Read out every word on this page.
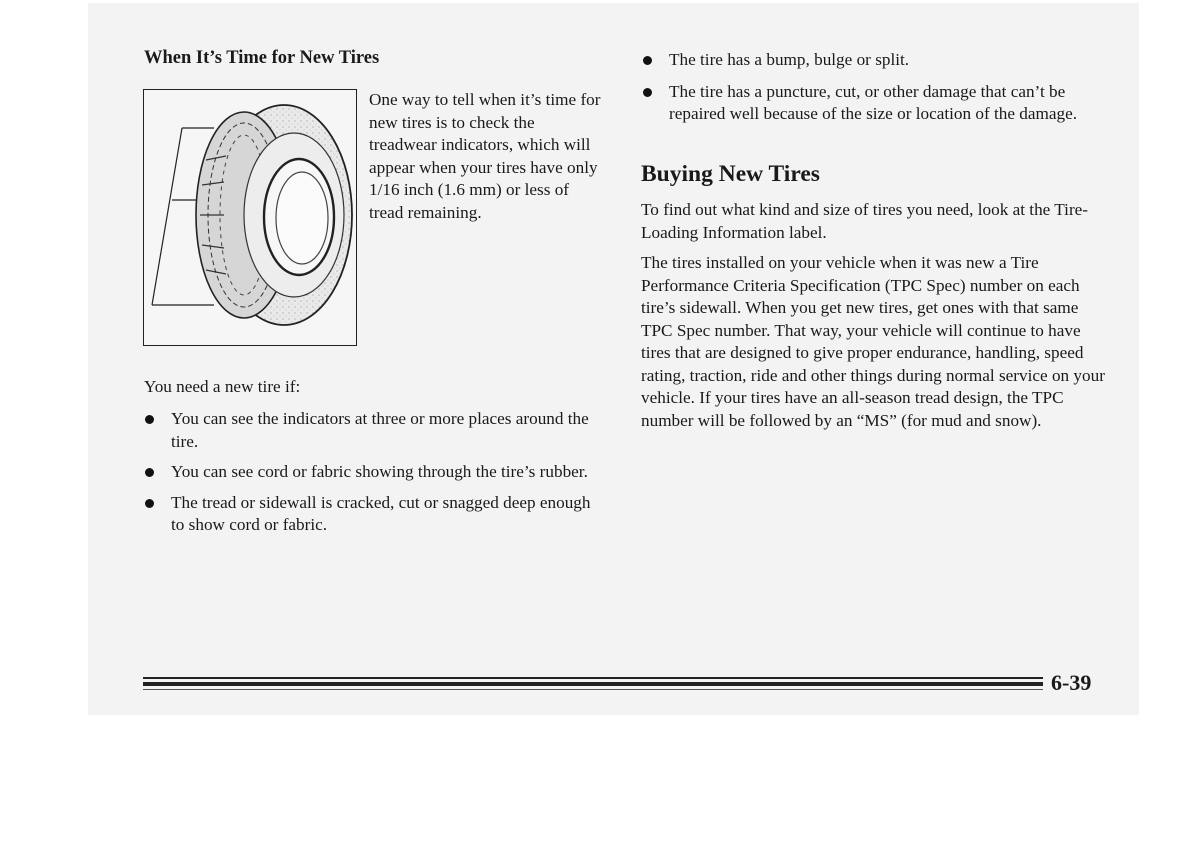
When It’s Time for New Tires
One way to tell when it’s time for new tires is to check the treadwear indicators, which will appear when your tires have only 1/16 inch (1.6 mm) or less of tread remaining.
You need a new tire if:
You can see the indicators at three or more places around the tire.
You can see cord or fabric showing through the tire’s rubber.
The tread or sidewall is cracked, cut or snagged deep enough to show cord or fabric.
The tire has a bump, bulge or split.
The tire has a puncture, cut, or other damage that can’t be repaired well because of the size or location of the damage.
Buying New Tires
To find out what kind and size of tires you need, look at the Tire-Loading Information label.
The tires installed on your vehicle when it was new a Tire Performance Criteria Specification (TPC Spec) number on each tire’s sidewall. When you get new tires, get ones with that same TPC Spec number. That way, your vehicle will continue to have tires that are designed to give proper endurance, handling, speed rating, traction, ride and other things during normal service on your vehicle. If your tires have an all-season tread design, the TPC number will be followed by an “MS” (for mud and snow).
6-39
